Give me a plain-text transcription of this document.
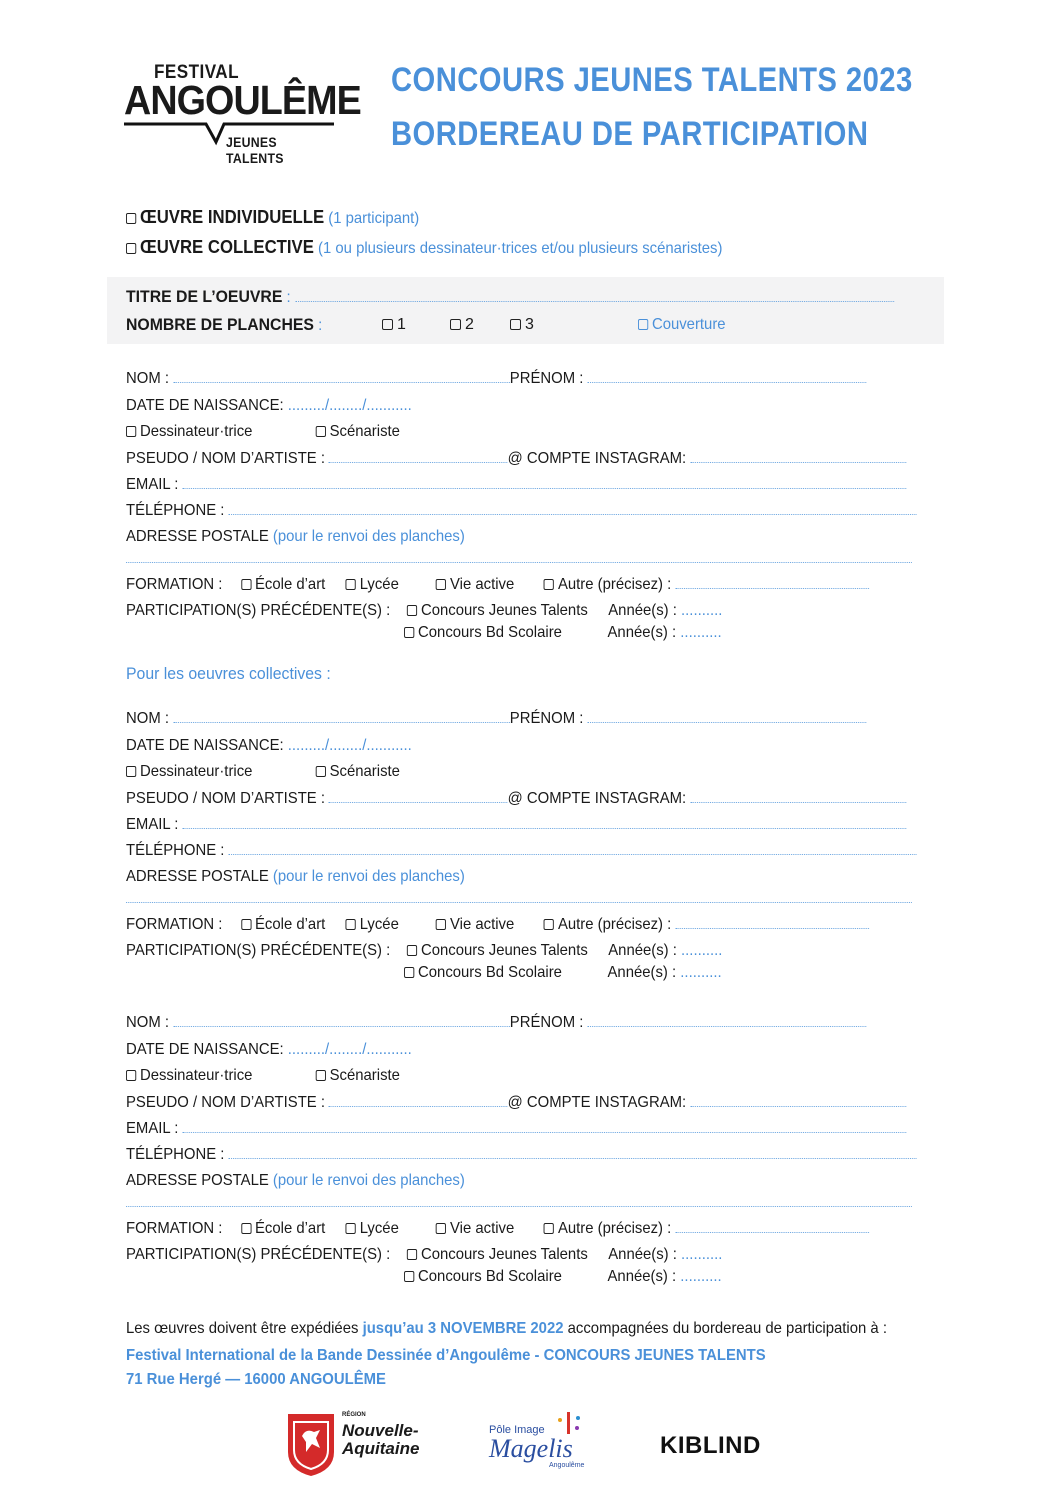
FESTIVAL
ANGOULÊME
JEUNES TALENTS
CONCOURS JEUNES TALENTS 2023
BORDEREAU DE PARTICIPATION
ŒUVRE INDIVIDUELLE (1 participant)
ŒUVRE COLLECTIVE (1 ou plusieurs dessinateur·trices et/ou plusieurs scénaristes)
TITRE DE L’OEUVRE :
NOMBRE DE PLANCHES :	1	2	3	Couverture
NOM :	PRÉNOM :
DATE DE NAISSANCE: ........./......../...........
Dessinateur·trice	Scénariste
PSEUDO / NOM D’ARTISTE :	@ COMPTE INSTAGRAM:
EMAIL :
TÉLÉPHONE :
ADRESSE POSTALE (pour le renvoi des planches)
FORMATION : École d’art Lycée	Vie active	Autre (précisez) :
PARTICIPATION(S) PRÉCÉDENTE(S) : Concours Jeunes Talents Année(s) : ..........
Concours Bd Scolaire	Année(s) : ..........
NOM :	PRÉNOM :
DATE DE NAISSANCE: ........./......../...........
Dessinateur·trice	Scénariste
PSEUDO / NOM D’ARTISTE :	@ COMPTE INSTAGRAM:
EMAIL :
TÉLÉPHONE :
ADRESSE POSTALE (pour le renvoi des planches)
FORMATION : École d’art Lycée	Vie active	Autre (précisez) :
PARTICIPATION(S) PRÉCÉDENTE(S) : Concours Jeunes Talents Année(s) : ..........
Concours Bd Scolaire	Année(s) : ..........
NOM :	PRÉNOM :
DATE DE NAISSANCE: ........./......../...........
Dessinateur·trice	Scénariste
PSEUDO / NOM D’ARTISTE :	@ COMPTE INSTAGRAM:
EMAIL :
TÉLÉPHONE :
ADRESSE POSTALE (pour le renvoi des planches)
FORMATION : École d’art Lycée	Vie active	Autre (précisez) :
PARTICIPATION(S) PRÉCÉDENTE(S) : Concours Jeunes Talents Année(s) : ..........
Concours Bd Scolaire	Année(s) : ..........
Pour les oeuvres collectives :
Les œuvres doivent être expédiées jusqu’au 3 NOVEMBRE 2022 accompagnées du bordereau de participation à :
Festival International de la Bande Dessinée d’Angoulême - CONCOURS JEUNES TALENTS
71 Rue Hergé — 16000 ANGOULÊME
RÉGION
Nouvelle-
Aquitaine
Pôle Image
Magelis
Angoulême
KIBLIND
